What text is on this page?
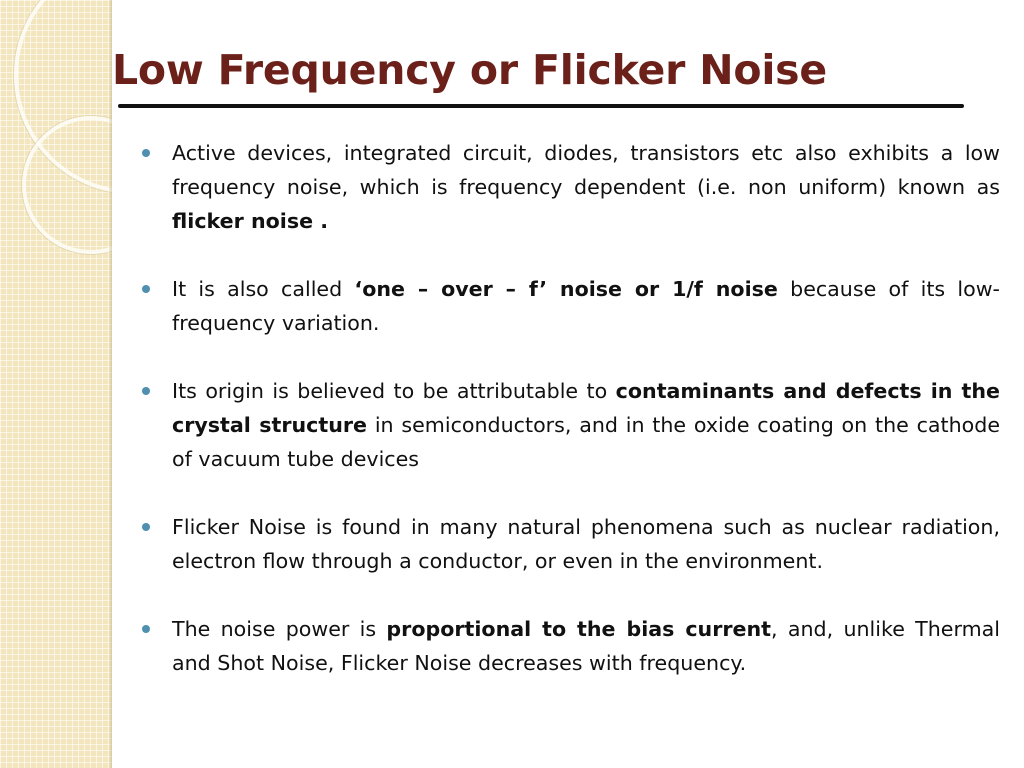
Low Frequency or Flicker Noise
Active devices, integrated circuit, diodes, transistors etc also exhibits a low frequency noise, which is frequency dependent (i.e. non uniform) known as flicker noise .
It is also called ‘one – over – f’ noise or 1/f noise because of its low-frequency variation.
Its origin is believed to be attributable to contaminants and defects in the crystal structure in semiconductors, and in the oxide coating on the cathode of vacuum tube devices
Flicker Noise is found in many natural phenomena such as nuclear radiation, electron flow through a conductor, or even in the environment.
The noise power is proportional to the bias current, and, unlike Thermal and Shot Noise, Flicker Noise decreases with frequency.
